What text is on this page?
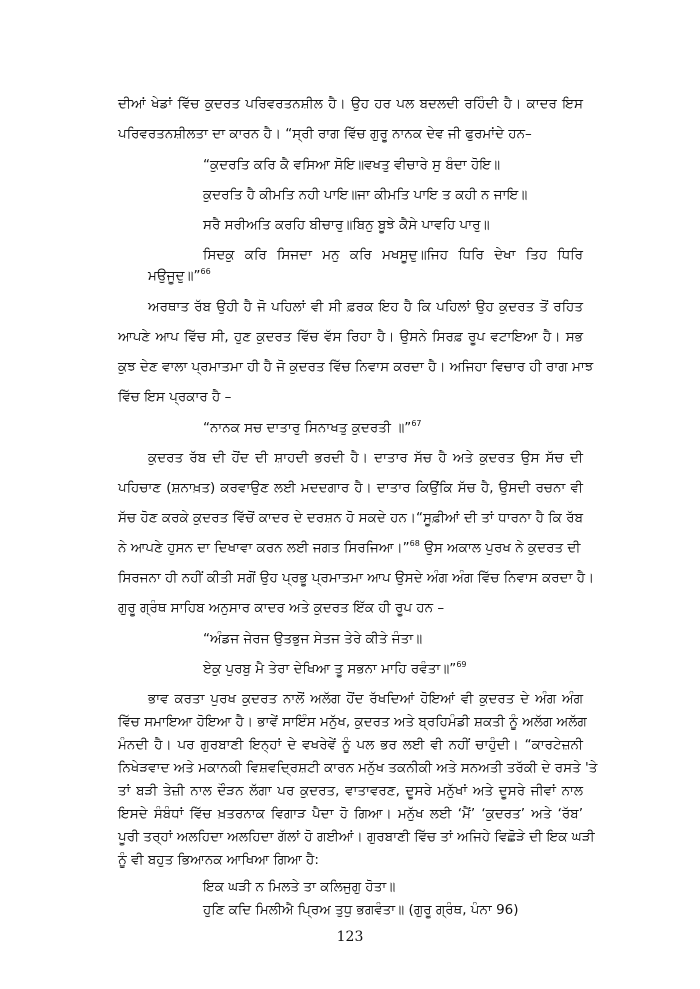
ਦੀਆਂ ਖੇਡਾਂ ਵਿੱਚ ਕੁਦਰਤ ਪਰਿਵਰਤਨਸ਼ੀਲ ਹੈ। ਉਹ ਹਰ ਪਲ ਬਦਲਦੀ ਰਹਿੰਦੀ ਹੈ। ਕਾਦਰ ਇਸ
ਪਰਿਵਰਤਨਸ਼ੀਲਤਾ ਦਾ ਕਾਰਨ ਹੈ। “ਸ੍ਰੀ ਰਾਗ ਵਿੱਚ ਗੁਰੂ ਨਾਨਕ ਦੇਵ ਜੀ ਫੁਰਮਾਂਦੇ ਹਨ–
“ਕੁਦਰਤਿ ਕਰਿ ਕੈ ਵਸਿਆ ਸੋਇ॥ਵਖਤੁ ਵੀਚਾਰੇ ਸੁ ਬੰਦਾ ਹੋਇ॥
ਕੁਦਰਤਿ ਹੈ ਕੀਮਤਿ ਨਹੀ ਪਾਇ॥ਜਾ ਕੀਮਤਿ ਪਾਇ ਤ ਕਹੀ ਨ ਜਾਇ॥
ਸਰੈ ਸਰੀਅਤਿ ਕਰਹਿ ਬੀਚਾਰੁ॥ਬਿਨੁ ਬੂਝੇ ਕੈਸੇ ਪਾਵਹਿ ਪਾਰੁ॥
ਸਿਦਕੁ ਕਰਿ ਸਿਜਦਾ ਮਨੁ ਕਰਿ ਮਖਸੂਦੁ॥ਜਿਹ ਧਿਰਿ ਦੇਖਾ ਤਿਹ ਧਿਰਿ
ਮਉਜੂਦੁ॥”$^{66}$
ਅਰਥਾਤ ਰੱਬ ਉਹੀ ਹੈ ਜੋ ਪਹਿਲਾਂ ਵੀ ਸੀ ਫ਼ਰਕ ਇਹ ਹੈ ਕਿ ਪਹਿਲਾਂ ਉਹ ਕੁਦਰਤ ਤੋਂ ਰਹਿਤ
ਆਪਣੇ ਆਪ ਵਿੱਚ ਸੀ, ਹੁਣ ਕੁਦਰਤ ਵਿੱਚ ਵੱਸ ਰਿਹਾ ਹੈ। ਉਸਨੇ ਸਿਰਫ਼ ਰੂਪ ਵਟਾਇਆ ਹੈ। ਸਭ
ਕੁਝ ਦੇਣ ਵਾਲਾ ਪ੍ਰਮਾਤਮਾ ਹੀ ਹੈ ਜੋ ਕੁਦਰਤ ਵਿੱਚ ਨਿਵਾਸ ਕਰਦਾ ਹੈ। ਅਜਿਹਾ ਵਿਚਾਰ ਹੀ ਰਾਗ ਮਾਝ
ਵਿੱਚ ਇਸ ਪ੍ਰਕਾਰ ਹੈ –
“ਨਾਨਕ ਸਚ ਦਾਤਾਰੁ ਸਿਨਾਖਤੁ ਕੁਦਰਤੀ ॥”$^{67}$
ਕੁਦਰਤ ਰੱਬ ਦੀ ਹੋਂਦ ਦੀ ਸ਼ਾਹਦੀ ਭਰਦੀ ਹੈ। ਦਾਤਾਰ ਸੱਚ ਹੈ ਅਤੇ ਕੁਦਰਤ ਉਸ ਸੱਚ ਦੀ
ਪਹਿਚਾਣ (ਸ਼ਨਾਖ਼ਤ) ਕਰਵਾਉਣ ਲਈ ਮਦਦਗਾਰ ਹੈ। ਦਾਤਾਰ ਕਿਉਂਕਿ ਸੱਚ ਹੈ, ਉਸਦੀ ਰਚਨਾ ਵੀ
ਸੱਚ ਹੋਣ ਕਰਕੇ ਕੁਦਰਤ ਵਿੱਚੋਂ ਕਾਦਰ ਦੇ ਦਰਸ਼ਨ ਹੋ ਸਕਦੇ ਹਨ।“ਸੂਫ਼ੀਆਂ ਦੀ ਤਾਂ ਧਾਰਨਾ ਹੈ ਕਿ ਰੱਬ
ਨੇ ਆਪਣੇ ਹੁਸਨ ਦਾ ਦਿਖਾਵਾ ਕਰਨ ਲਈ ਜਗਤ ਸਿਰਜਿਆ।”$^{68}$ ਉਸ ਅਕਾਲ ਪੁਰਖ ਨੇ ਕੁਦਰਤ ਦੀ
ਸਿਰਜਨਾ ਹੀ ਨਹੀਂ ਕੀਤੀ ਸਗੋਂ ਉਹ ਪ੍ਰਭੂ ਪ੍ਰਮਾਤਮਾ ਆਪ ਉਸਦੇ ਅੰਗ ਅੰਗ ਵਿੱਚ ਨਿਵਾਸ ਕਰਦਾ ਹੈ।
ਗੁਰੂ ਗ੍ਰੰਥ ਸਾਹਿਬ ਅਨੁਸਾਰ ਕਾਦਰ ਅਤੇ ਕੁਦਰਤ ਇੱਕ ਹੀ ਰੂਪ ਹਨ –
“ਅੰਡਜ ਜੇਰਜ ਉਤਭੁਜ ਸੇਤਜ ਤੇਰੇ ਕੀਤੇ ਜੰਤਾ॥
ਏਕੁ ਪੁਰਬੁ ਮੈ ਤੇਰਾ ਦੇਖਿਆ ਤੂ ਸਭਨਾ ਮਾਹਿ ਰਵੰਤਾ॥”$^{69}$
ਭਾਵ ਕਰਤਾ ਪੁਰਖ ਕੁਦਰਤ ਨਾਲੋਂ ਅਲੱਗ ਹੋਂਦ ਰੱਖਦਿਆਂ ਹੋਇਆਂ ਵੀ ਕੁਦਰਤ ਦੇ ਅੰਗ ਅੰਗ
ਵਿੱਚ ਸਮਾਇਆ ਹੋਇਆ ਹੈ। ਭਾਵੇਂ ਸਾਇੰਸ ਮਨੁੱਖ, ਕੁਦਰਤ ਅਤੇ ਬ੍ਰਹਿਮੰਡੀ ਸ਼ਕਤੀ ਨੂੰ ਅਲੱਗ ਅਲੱਗ
ਮੰਨਦੀ ਹੈ। ਪਰ ਗੁਰਬਾਣੀ ਇਨ੍ਹਾਂ ਦੇ ਵਖਰੇਵੇਂ ਨੂੰ ਪਲ ਭਰ ਲਈ ਵੀ ਨਹੀਂ ਚਾਹੁੰਦੀ। “ਕਾਰਟੇਜ਼ਨੀ
ਨਿਖੇੜਵਾਦ ਅਤੇ ਮਕਾਨਕੀ ਵਿਸ਼ਵਦ੍ਰਿਸ਼ਟੀ ਕਾਰਨ ਮਨੁੱਖ ਤਕਨੀਕੀ ਅਤੇ ਸਨਅਤੀ ਤਰੱਕੀ ਦੇ ਰਸਤੇ 'ਤੇ
ਤਾਂ ਬੜੀ ਤੇਜ਼ੀ ਨਾਲ ਦੌੜਨ ਲੱਗਾ ਪਰ ਕੁਦਰਤ, ਵਾਤਾਵਰਣ, ਦੂਸਰੇ ਮਨੁੱਖਾਂ ਅਤੇ ਦੂਸਰੇ ਜੀਵਾਂ ਨਾਲ
ਇਸਦੇ ਸੰਬੰਧਾਂ ਵਿੱਚ ਖ਼ਤਰਨਾਕ ਵਿਗਾੜ ਪੈਦਾ ਹੋ ਗਿਆ। ਮਨੁੱਖ ਲਈ ‘ਮੈਂ’ ‘ਕੁਦਰਤ’ ਅਤੇ ‘ਰੱਬ’
ਪੂਰੀ ਤਰ੍ਹਾਂ ਅਲਹਿਦਾ ਅਲਹਿਦਾ ਗੱਲਾਂ ਹੋ ਗਈਆਂ। ਗੁਰਬਾਣੀ ਵਿੱਚ ਤਾਂ ਅਜਿਹੇ ਵਿਛੋੜੇ ਦੀ ਇਕ ਘੜੀ
ਨੂੰ ਵੀ ਬਹੁਤ ਭਿਆਨਕ ਆਖਿਆ ਗਿਆ ਹੈ:
ਇਕ ਘੜੀ ਨ ਮਿਲਤੇ ਤਾ ਕਲਿਜੁਗੁ ਹੋਤਾ॥
ਹੁਣਿ ਕਦਿ ਮਿਲੀਐ ਪ੍ਰਿਅ ਤੁਧੁ ਭਗਵੰਤਾ॥ (ਗੁਰੂ ਗ੍ਰੰਥ, ਪੰਨਾ 96)
123
